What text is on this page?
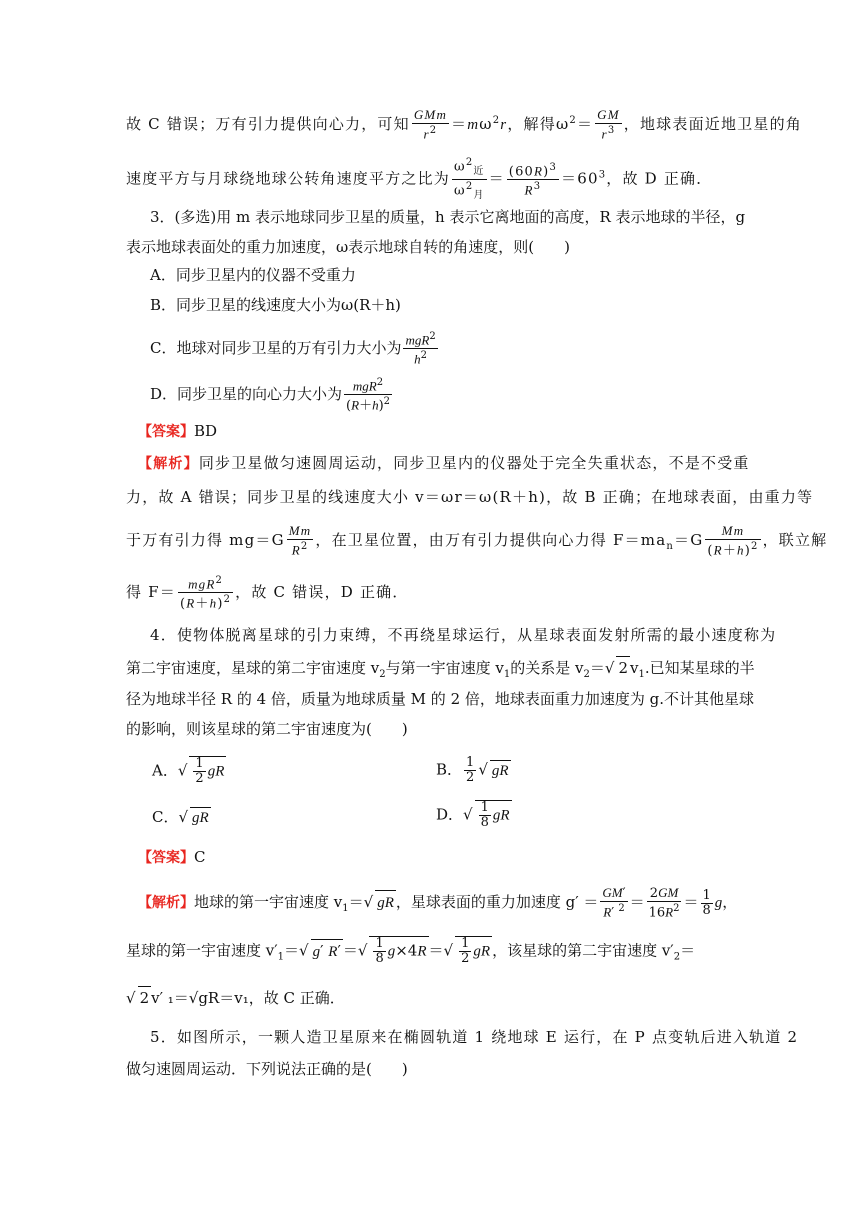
故 C 错误；万有引力提供向心力，可知
GMm
$r^2 =m\omega^2r$，解得$\omega^2= \frac{GM}{r^3}$ ，地球表面近地卫星的角
速度平方与月球绕地球公转角速度平方之比为
$\omega^2_近$
$\omega^2_月$
＝ $\frac{(60R)^3}{R^3} =60^3$，故 D 正确．
3．(多选)用 m 表示地球同步卫星的质量，h 表示它离地面的高度，R 表示地球的半径，g
表示地球表面处的重力加速度，ω表示地球自转的角速度，则(　　)
A．同步卫星内的仪器不受重力
B．同步卫星的线速度大小为ω(R＋h)
C．地球对同步卫星的万有引力大小为 mgR$^2$
$h^2$
D．同步卫星的向心力大小为 mgR$^2$
$(R+h)^2$
【答案】BD
【解析】同步卫星做匀速圆周运动，同步卫星内的仪器处于完全失重状态，不是不受重
力，故 A 错误；同步卫星的线速度大小 v＝ωr＝ω(R＋h)，故 B 正确；在地球表面，由重力等
于万有引力得 $mg=G \frac{Mm}{R^2}$ ，在卫星位置，由万有引力提供向心力得 $F=ma_n=G \frac{Mm}{(R+h)^2}$ ，联立解
得 F＝ mgR$^2$
$(R+h)^2$ ，故 C 错误，D 正确．
4．使物体脱离星球的引力束缚，不再绕星球运行，从星球表面发射所需的最小速度称为
第二宇宙速度，星球的第二宇宙速度 $v_2$与第一宇宙速度 $v_1$的关系是 $v_2=√$ 2 $v_1$.已知某星球的半
径为地球半径 R 的 4 倍，质量为地球质量 M 的 2 倍，地球表面重力加速度为 g.不计其他星球
的影响，则该星球的第二宇宙速度为(　　)
A．√ $\frac{1}{2}$ gR	B． $\frac{1}{2}$ √ gR
C．√ gR	D．√ $\frac{1}{8}$ gR
【答案】C
【解析】地球的第一宇宙速度 $v_1=√$ gR ，星球表面的重力加速度 $g' = \frac{GM'}{R' ^2} = \frac{2GM}{16R^2} = \frac{1}{8}$ g，
星球的第一宇宙速度 $v'_1=√$ g′ R′ ＝√ $\frac{1}{8} g\times 4R$ ＝√ $\frac{1}{2}$ gR ，该星球的第二宇宙速度 $v'_2=$
√ 2 v′ ₁＝√gR＝v₁，故 C 正确．
5．如图所示，一颗人造卫星原来在椭圆轨道 1 绕地球 E 运行，在 P 点变轨后进入轨道 2
做匀速圆周运动．下列说法正确的是(　　)
